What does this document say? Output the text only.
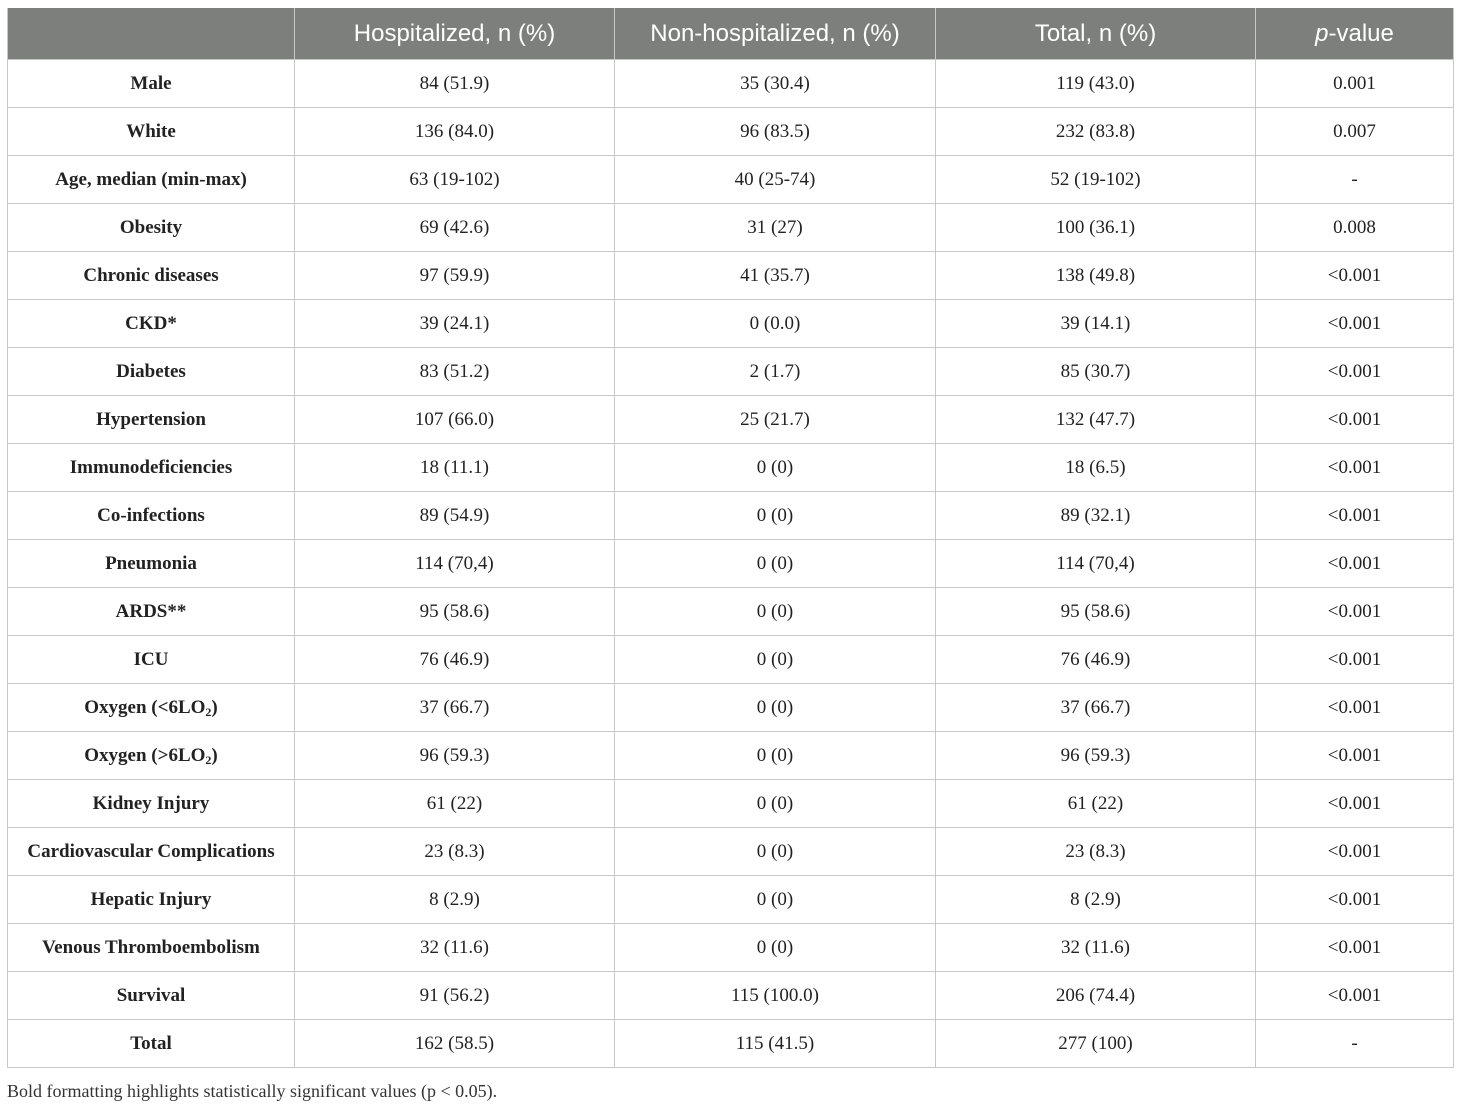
	Hospitalized, n (%)	Non-hospitalized, n (%)	Total, n (%)	p-value
Male	84 (51.9)	35 (30.4)	119 (43.0)	0.001
White	136 (84.0)	96 (83.5)	232 (83.8)	0.007
Age, median (min-max)	63 (19-102)	40 (25-74)	52 (19-102)	-
Obesity	69 (42.6)	31 (27)	100 (36.1)	0.008
Chronic diseases	97 (59.9)	41 (35.7)	138 (49.8)	<0.001
CKD*	39 (24.1)	0 (0.0)	39 (14.1)	<0.001
Diabetes	83 (51.2)	2 (1.7)	85 (30.7)	<0.001
Hypertension	107 (66.0)	25 (21.7)	132 (47.7)	<0.001
Immunodeficiencies	18 (11.1)	0 (0)	18 (6.5)	<0.001
Co-infections	89 (54.9)	0 (0)	89 (32.1)	<0.001
Pneumonia	114 (70,4)	0 (0)	114 (70,4)	<0.001
ARDS**	95 (58.6)	0 (0)	95 (58.6)	<0.001
ICU	76 (46.9)	0 (0)	76 (46.9)	<0.001
Oxygen $(<6LO_2)$	37 (66.7)	0 (0)	37 (66.7)	<0.001
Oxygen $(>6LO_2)$	96 (59.3)	0 (0)	96 (59.3)	<0.001
Kidney Injury	61 (22)	0 (0)	61 (22)	<0.001
Cardiovascular Complications	23 (8.3)	0 (0)	23 (8.3)	<0.001
Hepatic Injury	8 (2.9)	0 (0)	8 (2.9)	<0.001
Venous Thromboembolism	32 (11.6)	0 (0)	32 (11.6)	<0.001
Survival	91 (56.2)	115 (100.0)	206 (74.4)	<0.001
Total	162 (58.5)	115 (41.5)	277 (100)	-
Bold formatting highlights statistically significant values (p < 0.05).
